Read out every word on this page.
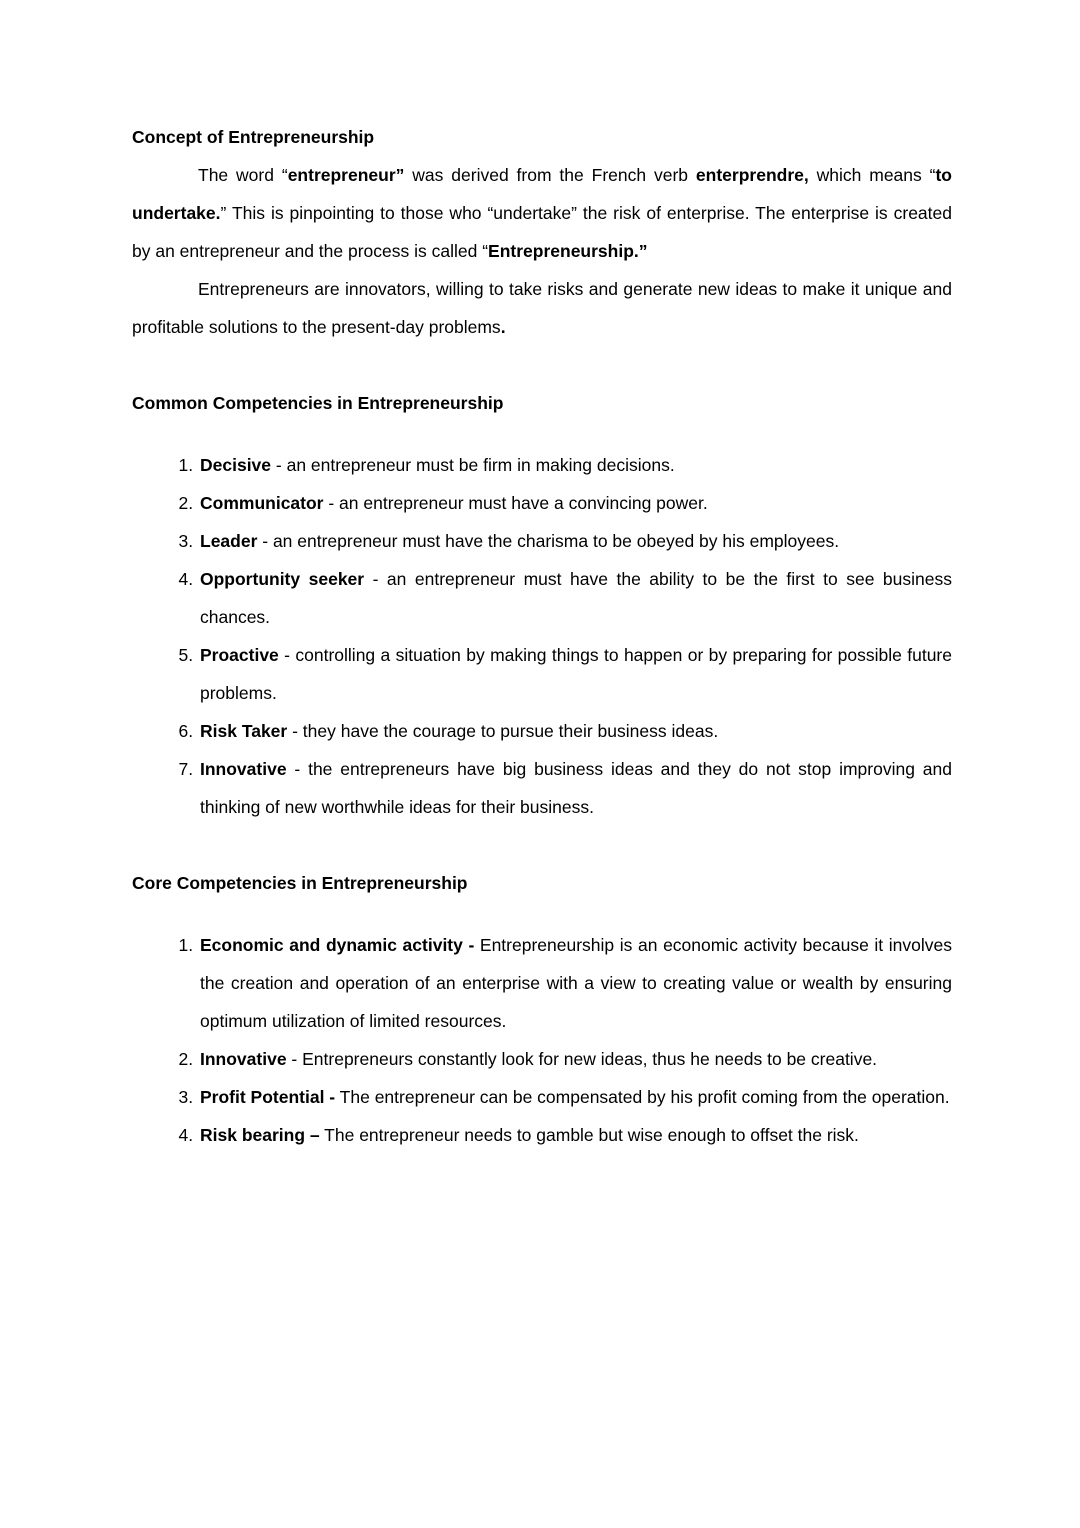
Concept of Entrepreneurship

The word “entrepreneur” was derived from the French verb enterprendre, which means “to undertake.” This is pinpointing to those who “undertake” the risk of enterprise. The enterprise is created by an entrepreneur and the process is called “Entrepreneurship.”

Entrepreneurs are innovators, willing to take risks and generate new ideas to make it unique and profitable solutions to the present-day problems.

Common Competencies in Entrepreneurship
1. Decisive - an entrepreneur must be firm in making decisions.
2. Communicator - an entrepreneur must have a convincing power.
3. Leader - an entrepreneur must have the charisma to be obeyed by his employees.
4. Opportunity seeker - an entrepreneur must have the ability to be the first to see business chances.
5. Proactive - controlling a situation by making things to happen or by preparing for possible future problems.
6. Risk Taker - they have the courage to pursue their business ideas.
7. Innovative - the entrepreneurs have big business ideas and they do not stop improving and thinking of new worthwhile ideas for their business.
Core Competencies in Entrepreneurship
1. Economic and dynamic activity - Entrepreneurship is an economic activity because it involves the creation and operation of an enterprise with a view to creating value or wealth by ensuring optimum utilization of limited resources.
2. Innovative - Entrepreneurs constantly look for new ideas, thus he needs to be creative.
3. Profit Potential - The entrepreneur can be compensated by his profit coming from the operation.
4. Risk bearing – The entrepreneur needs to gamble but wise enough to offset the risk.
